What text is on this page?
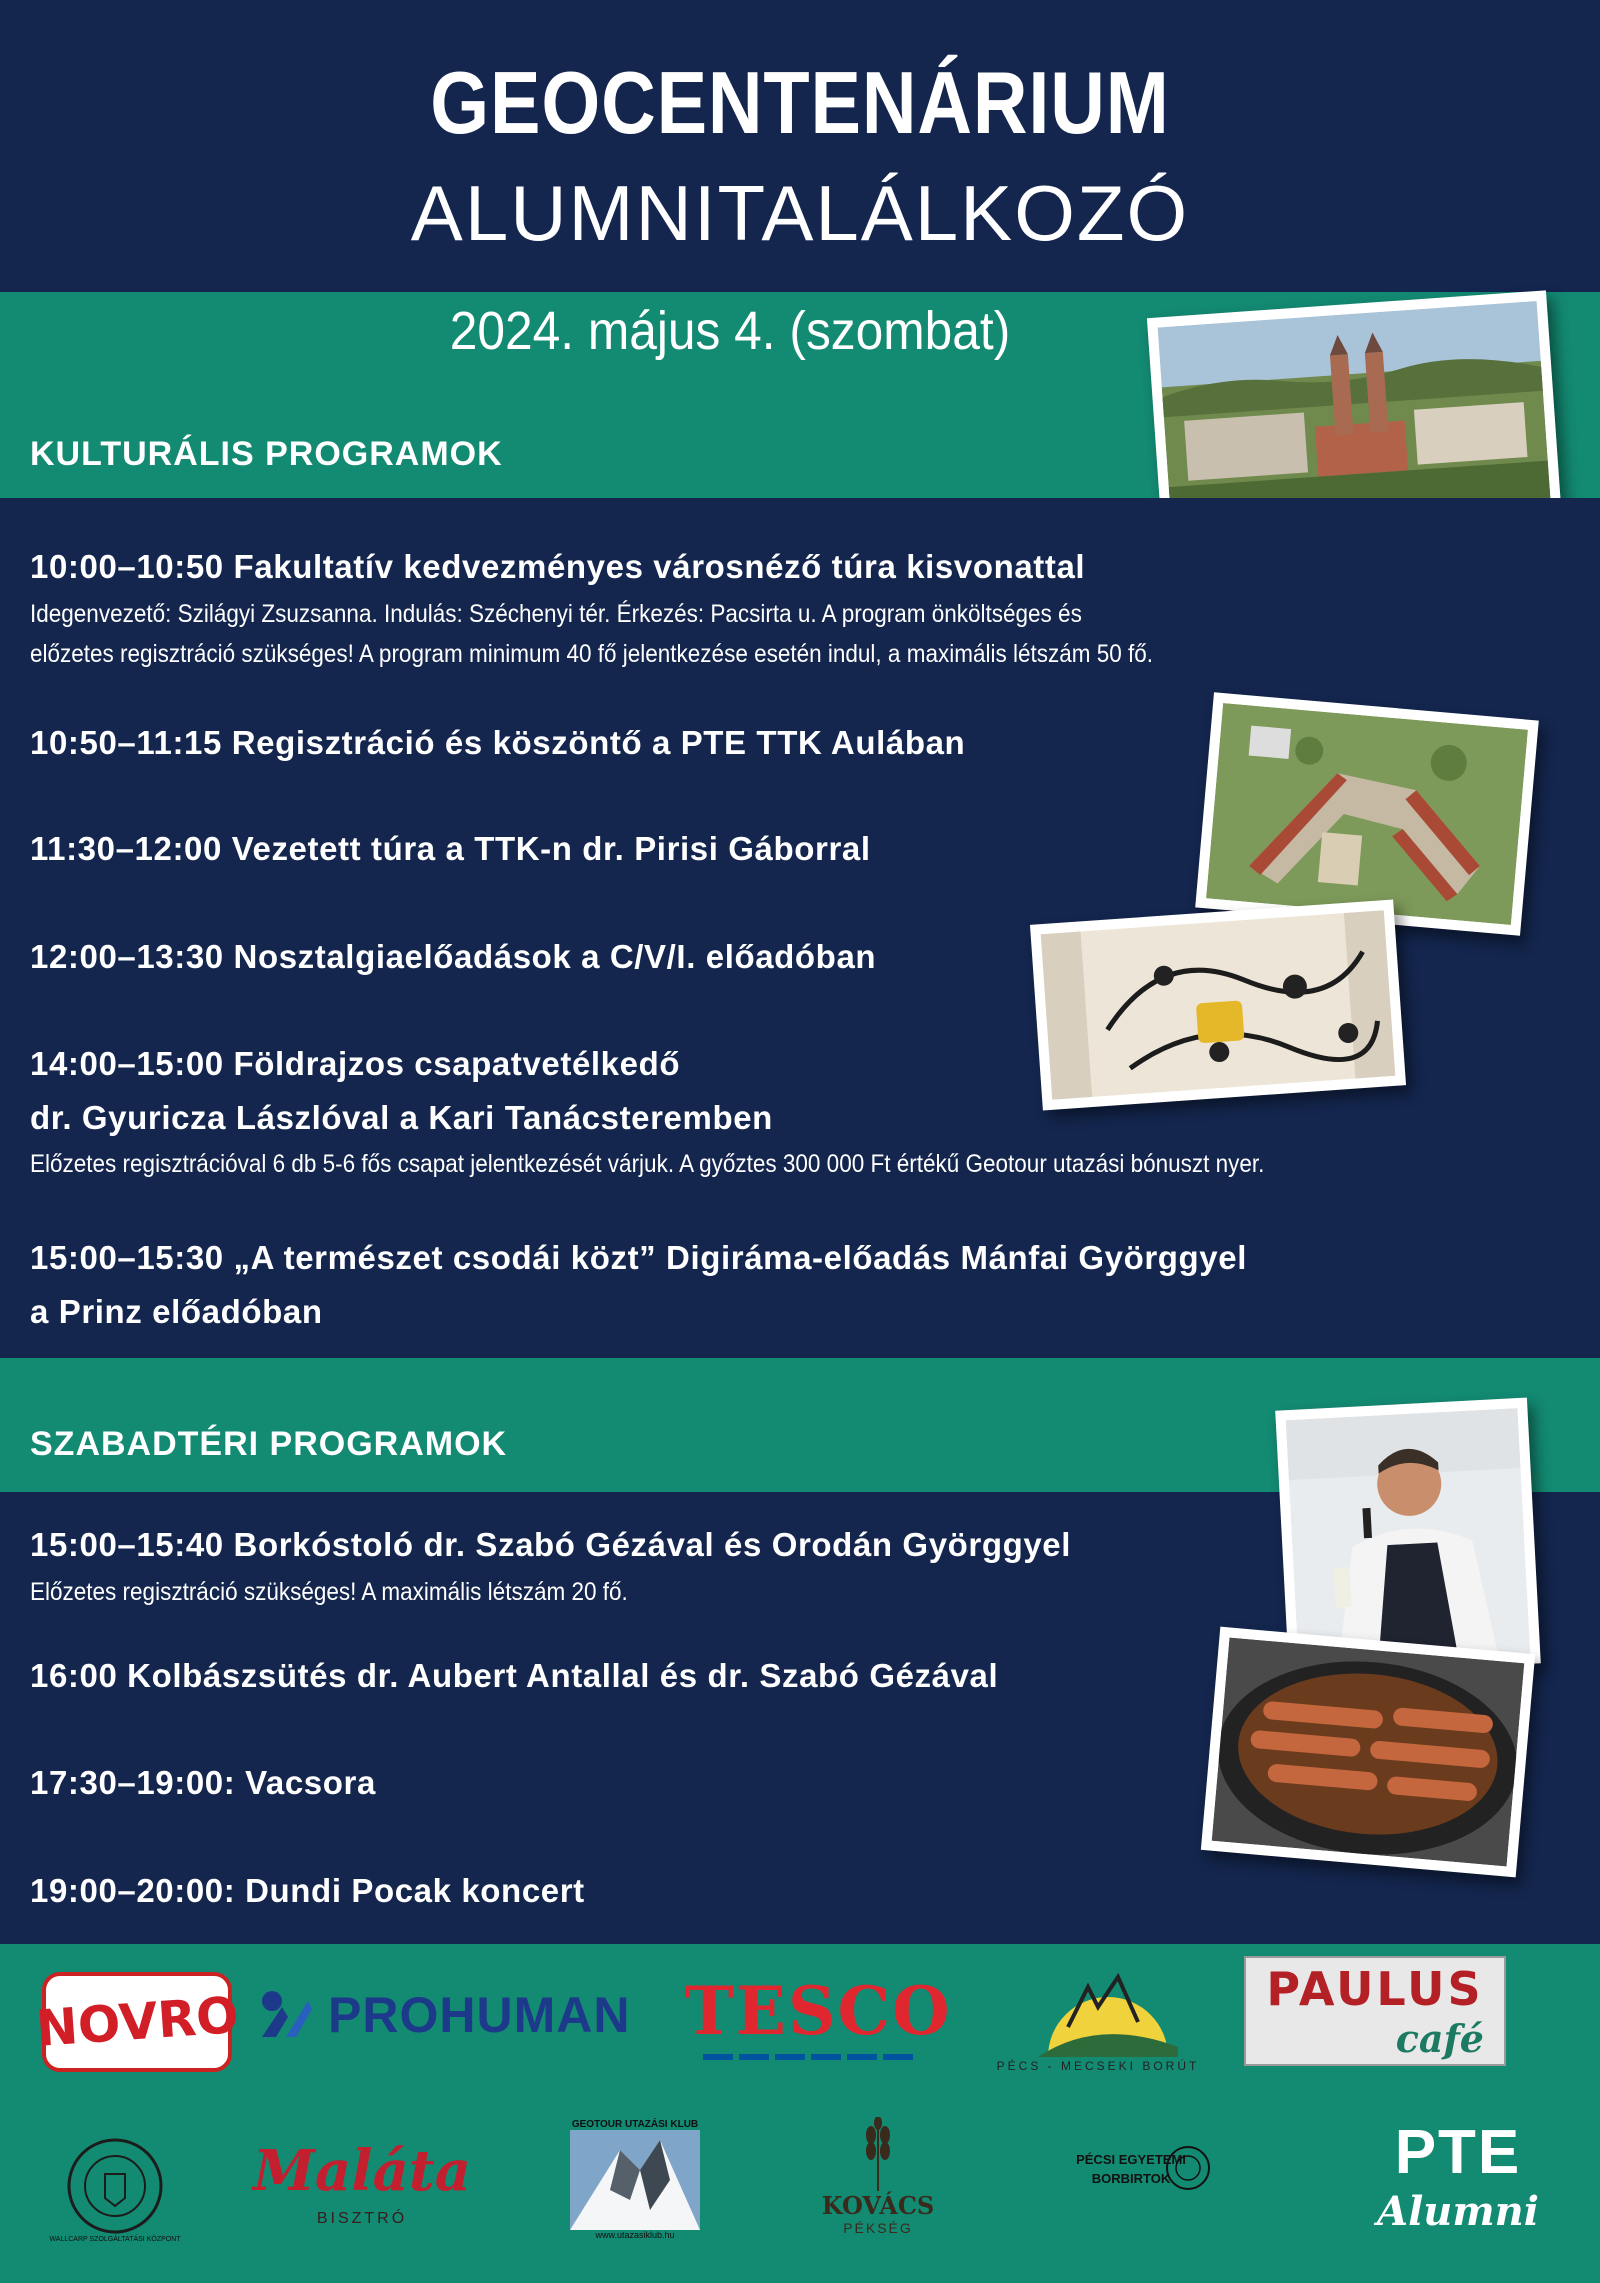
GEOCENTENÁRIUM
ALUMNITALÁLKOZÓ
2024. május 4. (szombat)
KULTURÁLIS PROGRAMOK
10:00–10:50 Fakultatív kedvezményes városnéző túra kisvonattal
Idegenvezető: Szilágyi Zsuzsanna. Indulás: Széchenyi tér. Érkezés: Pacsirta u. A program önköltséges és
előzetes regisztráció szükséges! A program minimum 40 fő jelentkezése esetén indul, a maximális létszám 50 fő.
10:50–11:15 Regisztráció és köszöntő a PTE TTK Aulában
11:30–12:00 Vezetett túra a TTK-n dr. Pirisi Gáborral
12:00–13:30 Nosztalgiaelőadások a C/V/I. előadóban
14:00–15:00 Földrajzos csapatvetélkedő
dr. Gyuricza Lászlóval a Kari Tanácsteremben
Előzetes regisztrációval 6 db 5-6 fős csapat jelentkezését várjuk. A győztes 300 000 Ft értékű Geotour utazási bónuszt nyer.
15:00–15:30 „A természet csodái közt” Digiráma-előadás Mánfai Györggyel
a Prinz előadóban
SZABADTÉRI PROGRAMOK
15:00–15:40 Borkóstoló dr. Szabó Gézával és Orodán Györggyel
Előzetes regisztráció szükséges! A maximális létszám 20 fő.
16:00 Kolbászsütés dr. Aubert Antallal és dr. Szabó Gézával
17:30–19:00: Vacsora
19:00–20:00: Dundi Pocak koncert
NOVRO PROHUMAN TESCO
PÉCS - MECSEKI BORÚT
PAULUS
café
WALLCARP SZOLGÁLTATÁSI KÖZPONT
Maláta
BISZTRÓ
GEOTOUR UTAZÁSI KLUB
www.utazasiklub.hu
KOVÁCS
PÉKSÉG
PÉCSI EGYETEMI
BORBIRTOK	PTE
Alumni
